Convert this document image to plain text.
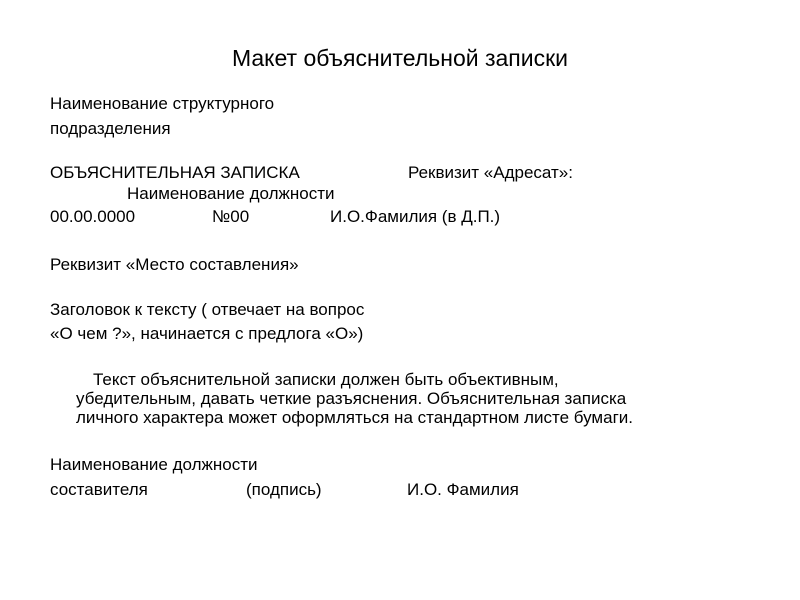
Макет объяснительной записки
Наименование структурного
подразделения
ОБЪЯСНИТЕЛЬНАЯ ЗАПИСКА	Реквизит «Адресат»:
Наименование должности
00.00.0000	№00	И.О.Фамилия (в Д.П.)
Реквизит «Место составления»
Заголовок к тексту ( отвечает на вопрос
«О чем ?», начинается с предлога «О»)
Текст объяснительной записки должен быть объективным,
убедительным, давать четкие разъяснения. Объяснительная записка
личного характера может оформляться на стандартном листе бумаги.
Наименование должности
составителя	(подпись)	И.О. Фамилия
